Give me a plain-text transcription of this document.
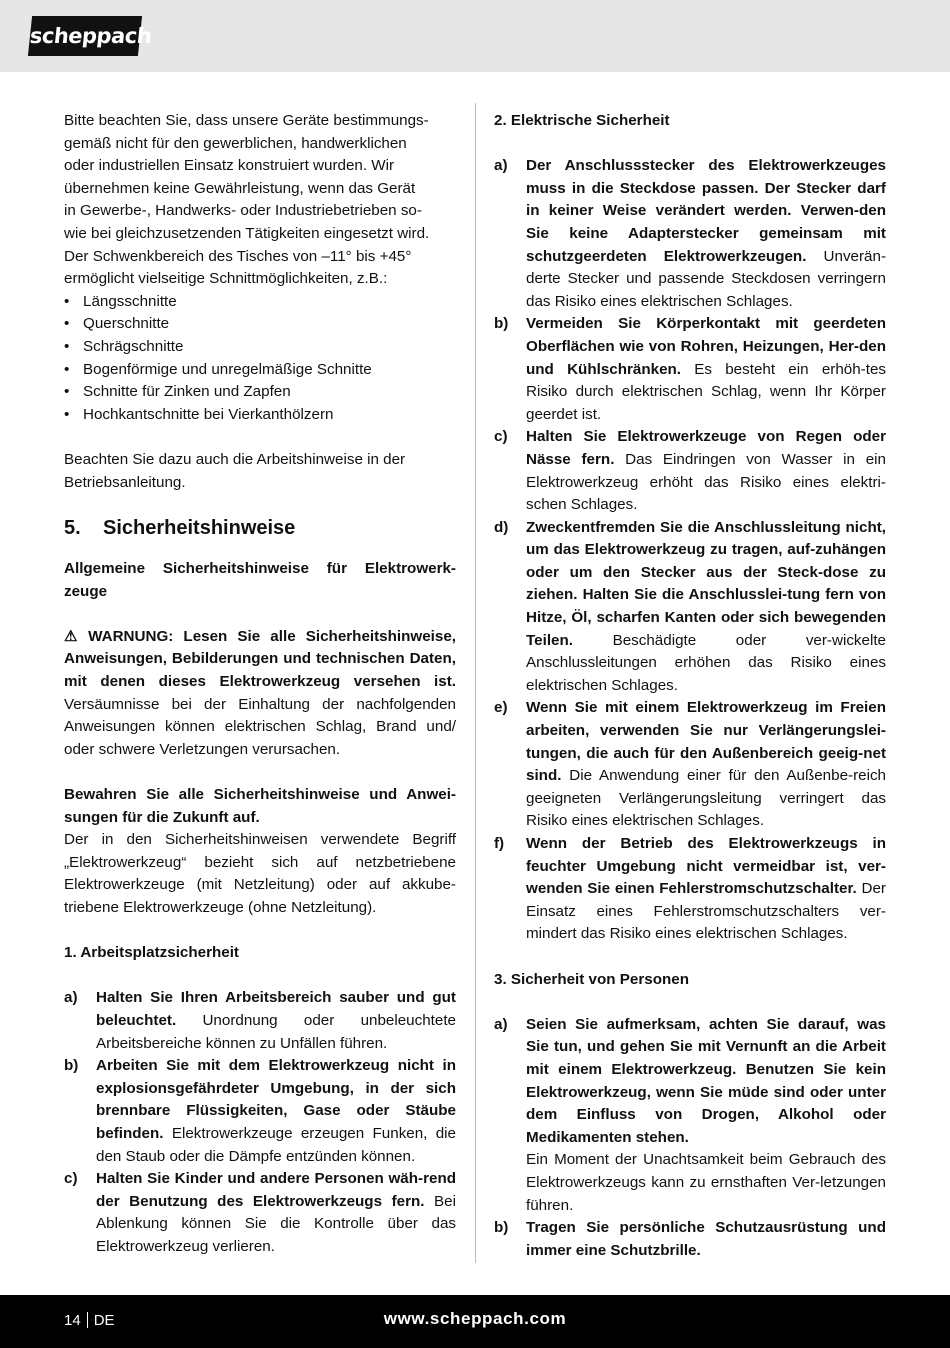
scheppach
Bitte beachten Sie, dass unsere Geräte bestimmungs-
gemäß nicht für den gewerblichen, handwerklichen
oder industriellen Einsatz konstruiert wurden. Wir
übernehmen keine Gewährleistung, wenn das Gerät
in Gewerbe-, Handwerks- oder Industriebetrieben so-
wie bei gleichzusetzenden Tätigkeiten eingesetzt wird.
Der Schwenkbereich des Tisches von –11° bis +45°
ermöglicht vielseitige Schnittmöglichkeiten, z.B.:
• Längsschnitte
• Querschnitte
• Schrägschnitte
• Bogenförmige und unregelmäßige Schnitte
• Schnitte für Zinken und Zapfen
• Hochkantschnitte bei Vierkanthölzern

Beachten Sie dazu auch die Arbeitshinweise in der Betriebsanleitung.

5.	Sicherheitshinweise

Allgemeine Sicherheitshinweise für Elektrowerk-zeuge

⚠ WARNUNG: Lesen Sie alle Sicherheitshinweise, Anweisungen, Bebilderungen und technischen Daten, mit denen dieses Elektrowerkzeug versehen ist. Versäumnisse bei der Einhaltung der nachfolgenden Anweisungen können elektrischen Schlag, Brand und/ oder schwere Verletzungen verursachen.

Bewahren Sie alle Sicherheitshinweise und Anwei-sungen für die Zukunft auf.

Der in den Sicherheitshinweisen verwendete Begriff „Elektrowerkzeug“ bezieht sich auf netzbetriebene Elektrowerkzeuge (mit Netzleitung) oder auf akkube-triebene Elektrowerkzeuge (ohne Netzleitung).

1. Arbeitsplatzsicherheit

a)	Halten Sie Ihren Arbeitsbereich sauber und gut beleuchtet. Unordnung oder unbeleuchtete Arbeitsbereiche können zu Unfällen führen.
b)	Arbeiten Sie mit dem Elektrowerkzeug nicht in explosionsgefährdeter Umgebung, in der sich brennbare Flüssigkeiten, Gase oder Stäube befinden. Elektrowerkzeuge erzeugen Funken, die den Staub oder die Dämpfe entzünden können.
c)	Halten Sie Kinder und andere Personen wäh-rend der Benutzung des Elektrowerkzeugs fern. Bei Ablenkung können Sie die Kontrolle über das Elektrowerkzeug verlieren.

2. Elektrische Sicherheit

a)	Der Anschlussstecker des Elektrowerkzeuges muss in die Steckdose passen. Der Stecker darf in keiner Weise verändert werden. Verwen-den Sie keine Adapterstecker gemeinsam mit schutzgeerdeten Elektrowerkzeugen. Unverän-derte Stecker und passende Steckdosen verringern das Risiko eines elektrischen Schlages.
b)	Vermeiden Sie Körperkontakt mit geerdeten Oberflächen wie von Rohren, Heizungen, Her-den und Kühlschränken. Es besteht ein erhöh-tes Risiko durch elektrischen Schlag, wenn Ihr Körper geerdet ist.
c)	Halten Sie Elektrowerkzeuge von Regen oder Nässe fern. Das Eindringen von Wasser in ein Elektrowerkzeug erhöht das Risiko eines elektri-schen Schlages.
d)	Zweckentfremden Sie die Anschlussleitung nicht, um das Elektrowerkzeug zu tragen, auf-zuhängen oder um den Stecker aus der Steck-dose zu ziehen. Halten Sie die Anschlusslei-tung fern von Hitze, Öl, scharfen Kanten oder sich bewegenden Teilen. Beschädigte oder ver-wickelte Anschlussleitungen erhöhen das Risiko eines elektrischen Schlages.
e)	Wenn Sie mit einem Elektrowerkzeug im Freien arbeiten, verwenden Sie nur Verlängerungslei-tungen, die auch für den Außenbereich geeig-net sind. Die Anwendung einer für den Außenbe-reich geeigneten Verlängerungsleitung verringert das Risiko eines elektrischen Schlages.
f)	Wenn der Betrieb des Elektrowerkzeugs in feuchter Umgebung nicht vermeidbar ist, ver-wenden Sie einen Fehlerstromschutzschalter. Der Einsatz eines Fehlerstromschutzschalters ver-mindert das Risiko eines elektrischen Schlages.

3. Sicherheit von Personen

a)	Seien Sie aufmerksam, achten Sie darauf, was Sie tun, und gehen Sie mit Vernunft an die Arbeit mit einem Elektrowerkzeug. Benutzen Sie kein Elektrowerkzeug, wenn Sie müde sind oder unter dem Einfluss von Drogen, Alkohol oder Medikamenten stehen.
Ein Moment der Unachtsamkeit beim Gebrauch des Elektrowerkzeugs kann zu ernsthaften Ver-letzungen führen.
b)	Tragen Sie persönliche Schutzausrüstung und immer eine Schutzbrille.
14 DE	www.scheppach.com
